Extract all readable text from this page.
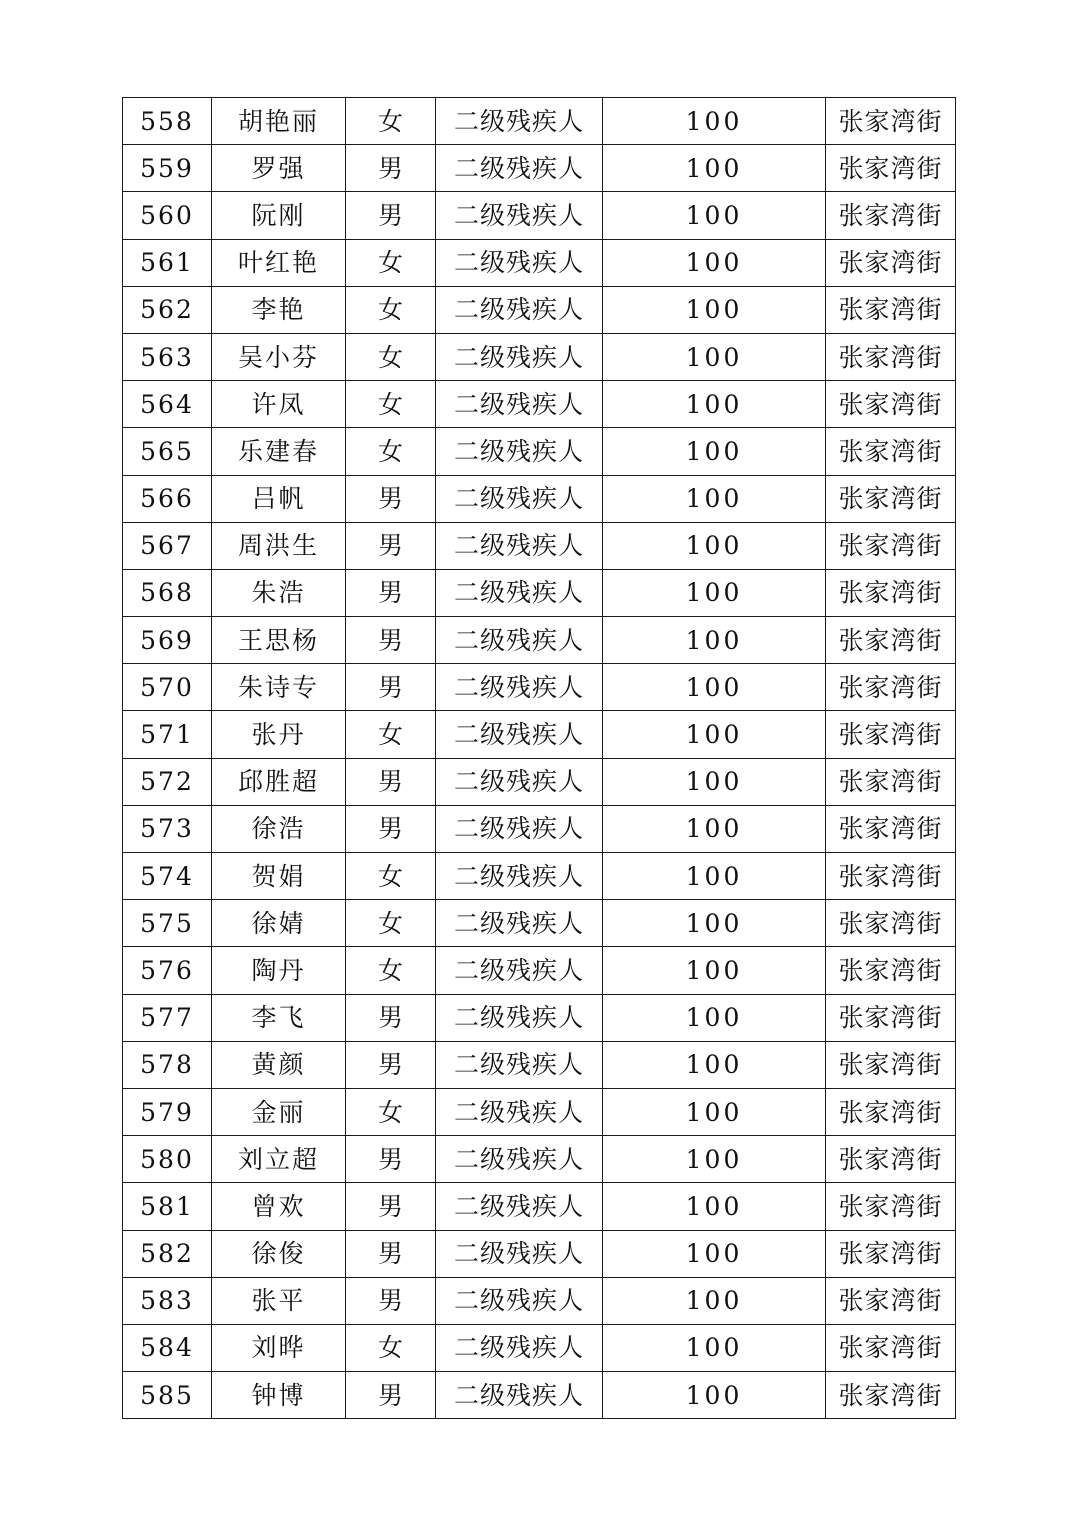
558	胡艳丽	女	二级残疾人	100	张家湾街
559	罗强	男	二级残疾人	100	张家湾街
560	阮刚	男	二级残疾人	100	张家湾街
561	叶红艳	女	二级残疾人	100	张家湾街
562	李艳	女	二级残疾人	100	张家湾街
563	吴小芬	女	二级残疾人	100	张家湾街
564	许凤	女	二级残疾人	100	张家湾街
565	乐建春	女	二级残疾人	100	张家湾街
566	吕帆	男	二级残疾人	100	张家湾街
567	周洪生	男	二级残疾人	100	张家湾街
568	朱浩	男	二级残疾人	100	张家湾街
569	王思杨	男	二级残疾人	100	张家湾街
570	朱诗专	男	二级残疾人	100	张家湾街
571	张丹	女	二级残疾人	100	张家湾街
572	邱胜超	男	二级残疾人	100	张家湾街
573	徐浩	男	二级残疾人	100	张家湾街
574	贺娟	女	二级残疾人	100	张家湾街
575	徐婧	女	二级残疾人	100	张家湾街
576	陶丹	女	二级残疾人	100	张家湾街
577	李飞	男	二级残疾人	100	张家湾街
578	黄颜	男	二级残疾人	100	张家湾街
579	金丽	女	二级残疾人	100	张家湾街
580	刘立超	男	二级残疾人	100	张家湾街
581	曾欢	男	二级残疾人	100	张家湾街
582	徐俊	男	二级残疾人	100	张家湾街
583	张平	男	二级残疾人	100	张家湾街
584	刘晔	女	二级残疾人	100	张家湾街
585	钟博	男	二级残疾人	100	张家湾街
